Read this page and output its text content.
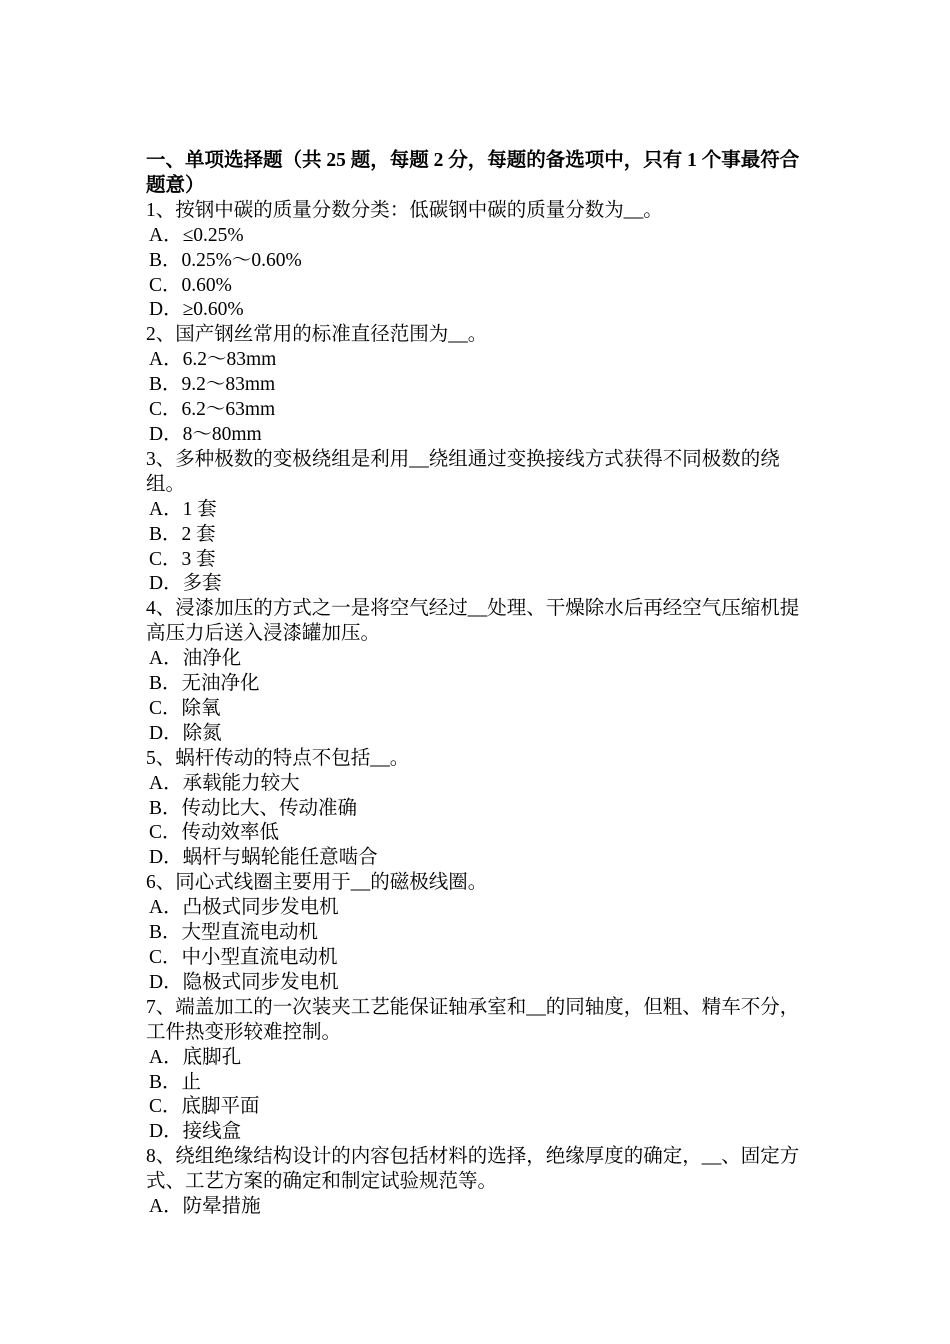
一、单项选择题（共 25 题，每题 2 分，每题的备选项中，只有 1 个事最符合题意）
1、按钢中碳的质量分数分类：低碳钢中碳的质量分数为__。
A．≤0.25%
B．0.25%～0.60%
C．0.60%
D．≥0.60%
2、国产钢丝常用的标准直径范围为__。
A．6.2～83mm
B．9.2～83mm
C．6.2～63mm
D．8～80mm
3、多种极数的变极绕组是利用__绕组通过变换接线方式获得不同极数的绕组。
A．1 套
B．2 套
C．3 套
D．多套
4、浸漆加压的方式之一是将空气经过__处理、干燥除水后再经空气压缩机提高压力后送入浸漆罐加压。
A．油净化
B．无油净化
C．除氧
D．除氮
5、蜗杆传动的特点不包括__。
A．承载能力较大
B．传动比大、传动准确
C．传动效率低
D．蜗杆与蜗轮能任意啮合
6、同心式线圈主要用于__的磁极线圈。
A．凸极式同步发电机
B．大型直流电动机
C．中小型直流电动机
D．隐极式同步发电机
7、端盖加工的一次装夹工艺能保证轴承室和__的同轴度，但粗、精车不分，工件热变形较难控制。
A．底脚孔
B．止
C．底脚平面
D．接线盒
8、绕组绝缘结构设计的内容包括材料的选择，绝缘厚度的确定，__、固定方式、工艺方案的确定和制定试验规范等。
A．防晕措施
